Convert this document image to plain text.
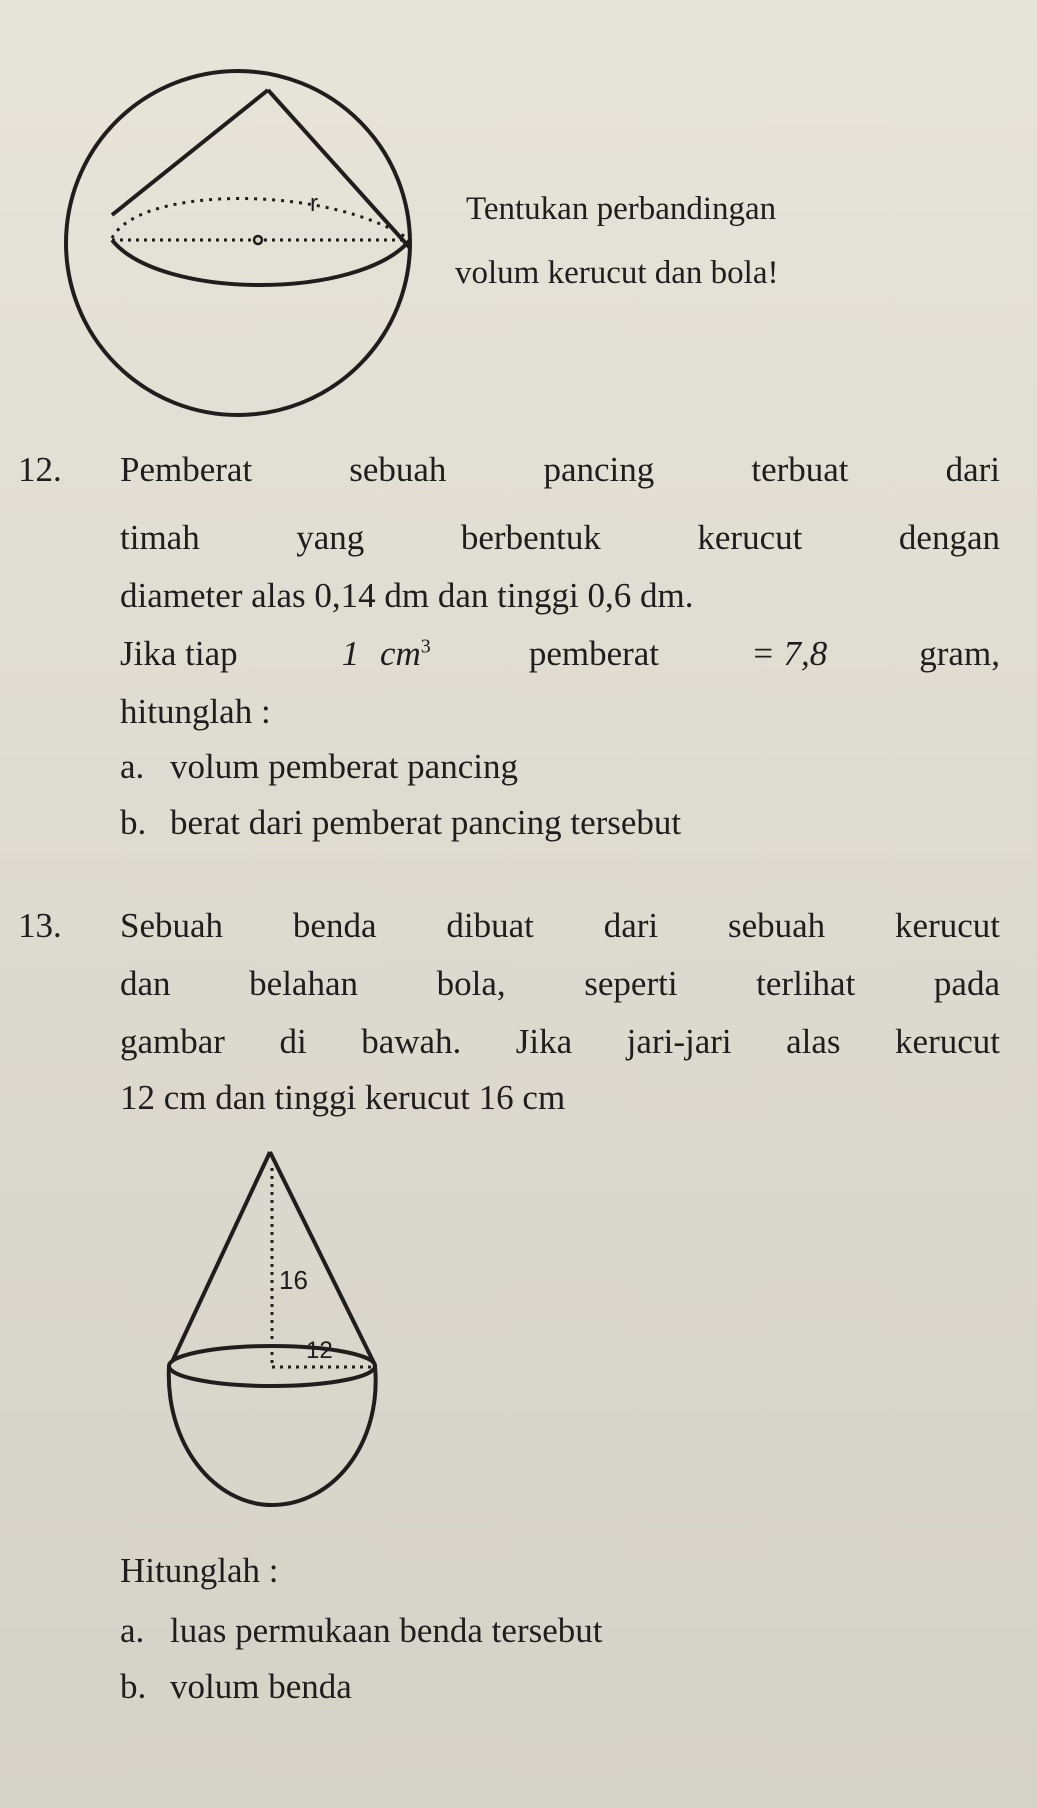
r	Tentukan perbandingan

volum kerucut dan bola!

12. Pemberat sebuah pancing terbuat dari

timah yang berbentuk kerucut dengan

diameter alas 0,14 dm dan tinggi 0,6 dm.

Jika tiap	1 $cm^3$	pemberat	= 7,8	gram,

hitunglah :

a. volum pemberat pancing

b. berat dari pemberat pancing tersebut

13. Sebuah benda dibuat dari sebuah kerucut

dan belahan bola, seperti terlihat pada

gambar di bawah. Jika jari-jari alas kerucut

12 cm dan tinggi kerucut 16 cm

16
12

Hitunglah :

a. luas permukaan benda tersebut

b. volum benda
